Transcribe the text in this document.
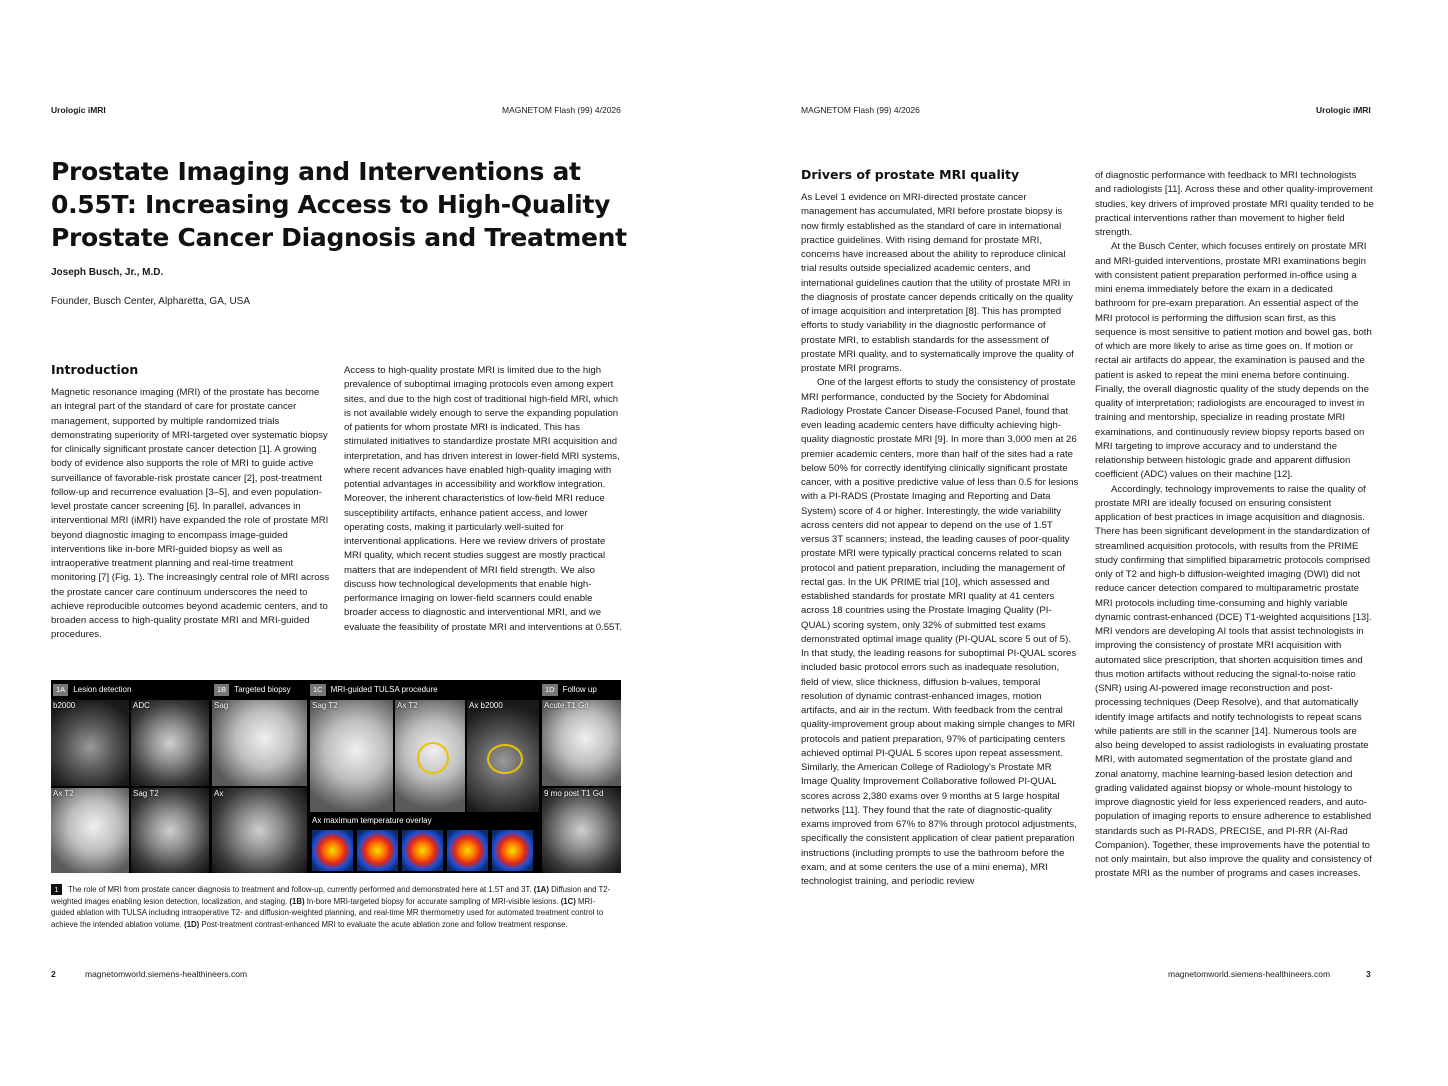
Urologic iMRI	MAGNETOM Flash (99) 4/2026
Prostate Imaging and Interventions at 0.55T: Increasing Access to High-Quality Prostate Cancer Diagnosis and Treatment
Joseph Busch, Jr., M.D.
Founder, Busch Center, Alpharetta, GA, USA
Introduction

Magnetic resonance imaging (MRI) of the prostate has become an integral part of the standard of care for prostate cancer management, supported by multiple randomized trials demonstrating superiority of MRI-targeted over systematic biopsy for clinically significant prostate cancer detection [1]. A growing body of evidence also supports the role of MRI to guide active surveillance of favorable-risk prostate cancer [2], post-treatment follow-up and recurrence evaluation [3–5], and even population-level prostate cancer screening [6]. In parallel, advances in interventional MRI (iMRI) have expanded the role of prostate MRI beyond diagnostic imaging to encompass image-guided interventions like in-bore MRI-guided biopsy as well as intraoperative treatment planning and real-time treatment monitoring [7] (Fig. 1). The increasingly central role of MRI across the prostate cancer care continuum underscores the need to achieve reproducible outcomes beyond academic centers, and to broaden access to high-quality prostate MRI and MRI-guided procedures.

Access to high-quality prostate MRI is limited due to the high prevalence of suboptimal imaging protocols even among expert sites, and due to the high cost of traditional high-field MRI, which is not available widely enough to serve the expanding population of patients for whom prostate MRI is indicated. This has stimulated initiatives to standardize prostate MRI acquisition and interpretation, and has driven interest in lower-field MRI systems, where recent advances have enabled high-quality imaging with potential advantages in accessibility and workflow integration. Moreover, the inherent characteristics of low-field MRI reduce susceptibility artifacts, enhance patient access, and lower operating costs, making it particularly well-suited for interventional applications. Here we review drivers of prostate MRI quality, which recent studies suggest are mostly practical matters that are independent of MRI field strength. We also discuss how technological developments that enable high-performance imaging on lower-field scanners could enable broader access to diagnostic and interventional MRI, and we evaluate the feasibility of prostate MRI and interventions at 0.55T.

1A Lesion detection
b2000	ADC
Ax T2	Sag T2
1B Targeted biopsy
Sag
Ax
1C MRI-guided TULSA procedure
Sag T2	Ax T2	Ax b2000
Ax maximum temperature overlay
1D Follow up
Acute T1 Gd
9 mo post T1 Gd
1 The role of MRI from prostate cancer diagnosis to treatment and follow-up, currently performed and demonstrated here at 1.5T and 3T. (1A) Diffusion and T2-weighted images enabling lesion detection, localization, and staging. (1B) In-bore MRI-targeted biopsy for accurate sampling of MRI-visible lesions. (1C) MRI-guided ablation with TULSA including intraoperative T2- and diffusion-weighted planning, and real-time MR thermometry used for automated treatment control to achieve the intended ablation volume. (1D) Post-treatment contrast-enhanced MRI to evaluate the acute ablation zone and follow treatment response.
2	magnetomworld.siemens-healthineers.com
MAGNETOM Flash (99) 4/2026	Urologic iMRI
Drivers of prostate MRI quality

As Level 1 evidence on MRI-directed prostate cancer management has accumulated, MRI before prostate biopsy is now firmly established as the standard of care in international practice guidelines. With rising demand for prostate MRI, concerns have increased about the ability to reproduce clinical trial results outside specialized academic centers, and international guidelines caution that the utility of prostate MRI in the diagnosis of prostate cancer depends critically on the quality of image acquisition and interpretation [8]. This has prompted efforts to study variability in the diagnostic performance of prostate MRI, to establish standards for the assessment of prostate MRI quality, and to systematically improve the quality of prostate MRI programs.

One of the largest efforts to study the consistency of prostate MRI performance, conducted by the Society for Abdominal Radiology Prostate Cancer Disease-Focused Panel, found that even leading academic centers have difficulty achieving high-quality diagnostic prostate MRI [9]. In more than 3,000 men at 26 premier academic centers, more than half of the sites had a rate below 50% for correctly identifying clinically significant prostate cancer, with a positive predictive value of less than 0.5 for lesions with a PI-RADS (Prostate Imaging and Reporting and Data System) score of 4 or higher. Interestingly, the wide variability across centers did not appear to depend on the use of 1.5T versus 3T scanners; instead, the leading causes of poor-quality prostate MRI were typically practical concerns related to scan protocol and patient preparation, including the management of rectal gas. In the UK PRIME trial [10], which assessed and established standards for prostate MRI quality at 41 centers across 18 countries using the Prostate Imaging Quality (PI-QUAL) scoring system, only 32% of submitted test exams demonstrated optimal image quality (PI-QUAL score 5 out of 5). In that study, the leading reasons for suboptimal PI-QUAL scores included basic protocol errors such as inadequate resolution, field of view, slice thickness, diffusion b-values, temporal resolution of dynamic contrast-enhanced images, motion artifacts, and air in the rectum. With feedback from the central quality-improvement group about making simple changes to MRI protocols and patient preparation, 97% of participating centers achieved optimal PI-QUAL 5 scores upon repeat assessment. Similarly, the American College of Radiology's Prostate MR Image Quality Improvement Collaborative followed PI-QUAL scores across 2,380 exams over 9 months at 5 large hospital networks [11]. They found that the rate of diagnostic-quality exams improved from 67% to 87% through protocol adjustments, specifically the consistent application of clear patient preparation instructions (including prompts to use the bathroom before the exam, and at some centers the use of a mini enema), MRI technologist training, and periodic review

of diagnostic performance with feedback to MRI technologists and radiologists [11]. Across these and other quality-improvement studies, key drivers of improved prostate MRI quality tended to be practical interventions rather than movement to higher field strength.

At the Busch Center, which focuses entirely on prostate MRI and MRI-guided interventions, prostate MRI examinations begin with consistent patient preparation performed in-office using a mini enema immediately before the exam in a dedicated bathroom for pre-exam preparation. An essential aspect of the MRI protocol is performing the diffusion scan first, as this sequence is most sensitive to patient motion and bowel gas, both of which are more likely to arise as time goes on. If motion or rectal air artifacts do appear, the examination is paused and the patient is asked to repeat the mini enema before continuing. Finally, the overall diagnostic quality of the study depends on the quality of interpretation; radiologists are encouraged to invest in training and mentorship, specialize in reading prostate MRI examinations, and continuously review biopsy reports based on MRI targeting to improve accuracy and to understand the relationship between histologic grade and apparent diffusion coefficient (ADC) values on their machine [12].

Accordingly, technology improvements to raise the quality of prostate MRI are ideally focused on ensuring consistent application of best practices in image acquisition and diagnosis. There has been significant development in the standardization of streamlined acquisition protocols, with results from the PRIME study confirming that simplified biparametric protocols comprised only of T2 and high-b diffusion-weighted imaging (DWI) did not reduce cancer detection compared to multiparametric prostate MRI protocols including time-consuming and highly variable dynamic contrast-enhanced (DCE) T1-weighted acquisitions [13]. MRI vendors are developing AI tools that assist technologists in improving the consistency of prostate MRI acquisition with automated slice prescription, that shorten acquisition times and thus motion artifacts without reducing the signal-to-noise ratio (SNR) using AI-powered image reconstruction and post-processing techniques (Deep Resolve), and that automatically identify image artifacts and notify technologists to repeat scans while patients are still in the scanner [14]. Numerous tools are also being developed to assist radiologists in evaluating prostate MRI, with automated segmentation of the prostate gland and zonal anatomy, machine learning-based lesion detection and grading validated against biopsy or whole-mount histology to improve diagnostic yield for less experienced readers, and auto-population of imaging reports to ensure adherence to established standards such as PI-RADS, PRECISE, and PI-RR (AI-Rad Companion). Together, these improvements have the potential to not only maintain, but also improve the quality and consistency of prostate MRI as the number of programs and cases increases.

magnetomworld.siemens-healthineers.com	3
